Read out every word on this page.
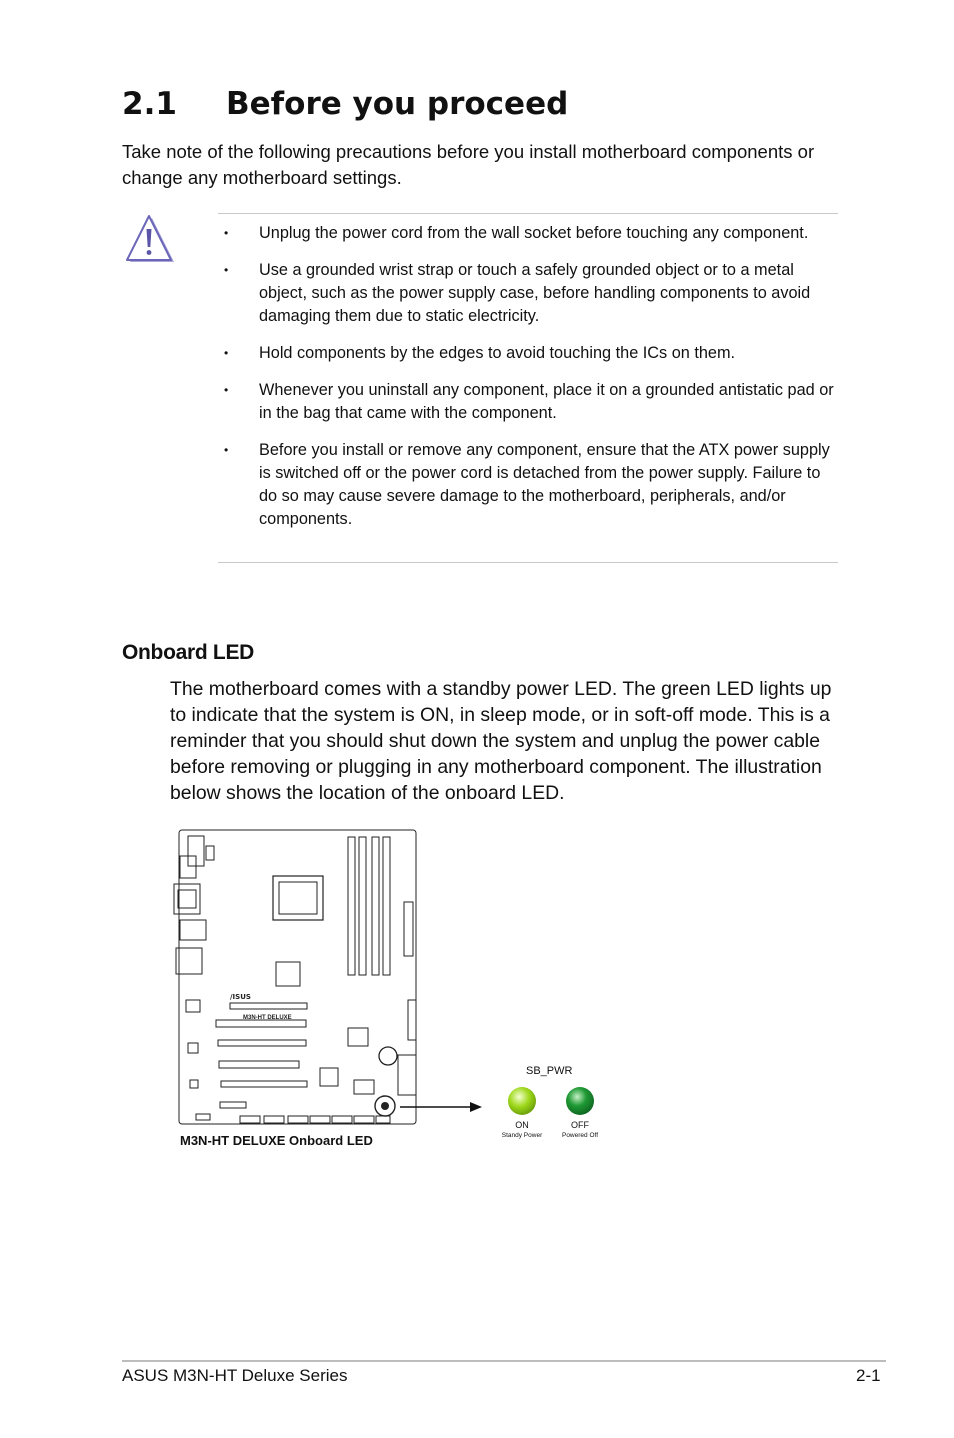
2.1 Before you proceed
Take note of the following precautions before you install motherboard components or change any motherboard settings.
• Unplug the power cord from the wall socket before touching any component.
• Use a grounded wrist strap or touch a safely grounded object or to a metal object, such as the power supply case, before handling components to avoid damaging them due to static electricity.
• Hold components by the edges to avoid touching the ICs on them.
• Whenever you uninstall any component, place it on a grounded antistatic pad or in the bag that came with the component.
• Before you install or remove any component, ensure that the ATX power supply is switched off or the power cord is detached from the power supply. Failure to do so may cause severe damage to the motherboard, peripherals, and/or components.
Onboard LED
The motherboard comes with a standby power LED. The green LED lights up to indicate that the system is ON, in sleep mode, or in soft-off mode. This is a reminder that you should shut down the system and unplug the power cable before removing or plugging in any motherboard component. The illustration below shows the location of the onboard LED.
/ISUS
M3N-HT DELUXE
M3N-HT DELUXE Onboard LED
SB_PWR
ON
Standy Power
OFF
Powered Off
ASUS M3N-HT Deluxe Series	2-1
